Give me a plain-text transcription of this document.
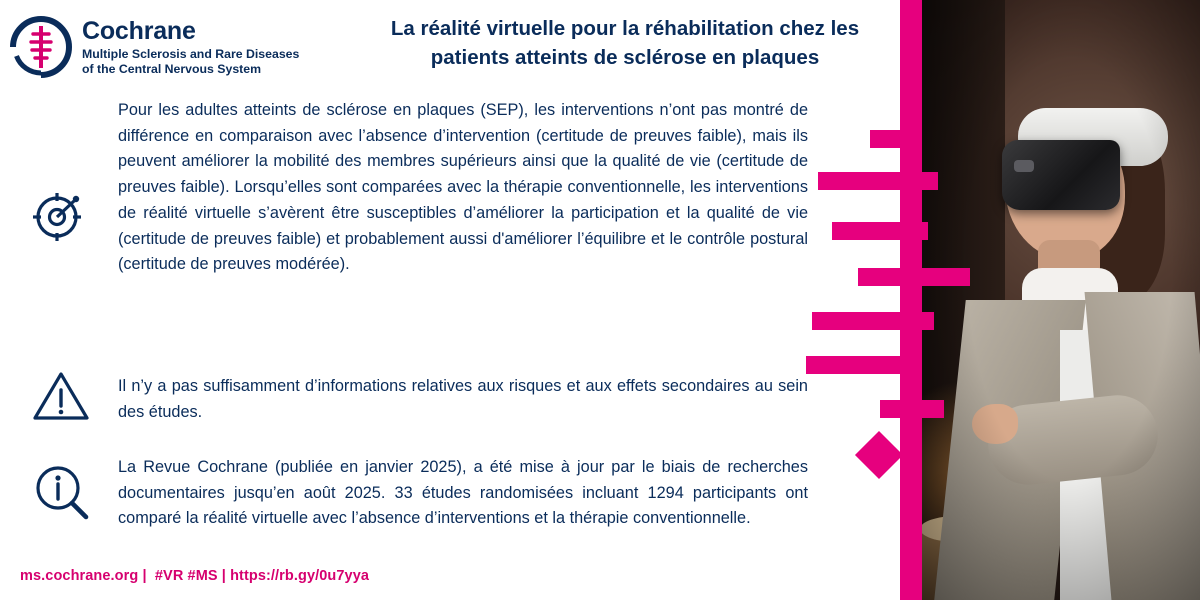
Cochrane
Multiple Sclerosis and Rare Diseases
of the Central Nervous System
La réalité virtuelle pour la réhabilitation chez les patients atteints de sclérose en plaques
Pour les adultes atteints de sclérose en plaques (SEP), les interventions n’ont pas montré de différence en comparaison avec l’absence d’intervention (certitude de preuves faible), mais ils peuvent améliorer la mobilité des membres supérieurs ainsi que la qualité de vie (certitude de preuves faible). Lorsqu’elles sont comparées avec la thérapie conventionnelle, les interventions de réalité virtuelle s’avèrent être susceptibles d’améliorer la participation et la qualité de vie (certitude de preuves faible) et probablement aussi d'améliorer l’équilibre et le contrôle postural (certitude de preuves modérée).
Il n’y a pas suffisamment d’informations relatives aux risques et aux effets secondaires au sein des études.
La Revue Cochrane (publiée en janvier 2025), a été mise à jour par le biais de recherches documentaires jusqu’en août 2025. 33 études randomisées incluant 1294 participants ont comparé la réalité virtuelle avec l’absence d’interventions et la thérapie conventionnelle.
ms.cochrane.org |  #VR #MS | https://rb.gy/0u7yya
